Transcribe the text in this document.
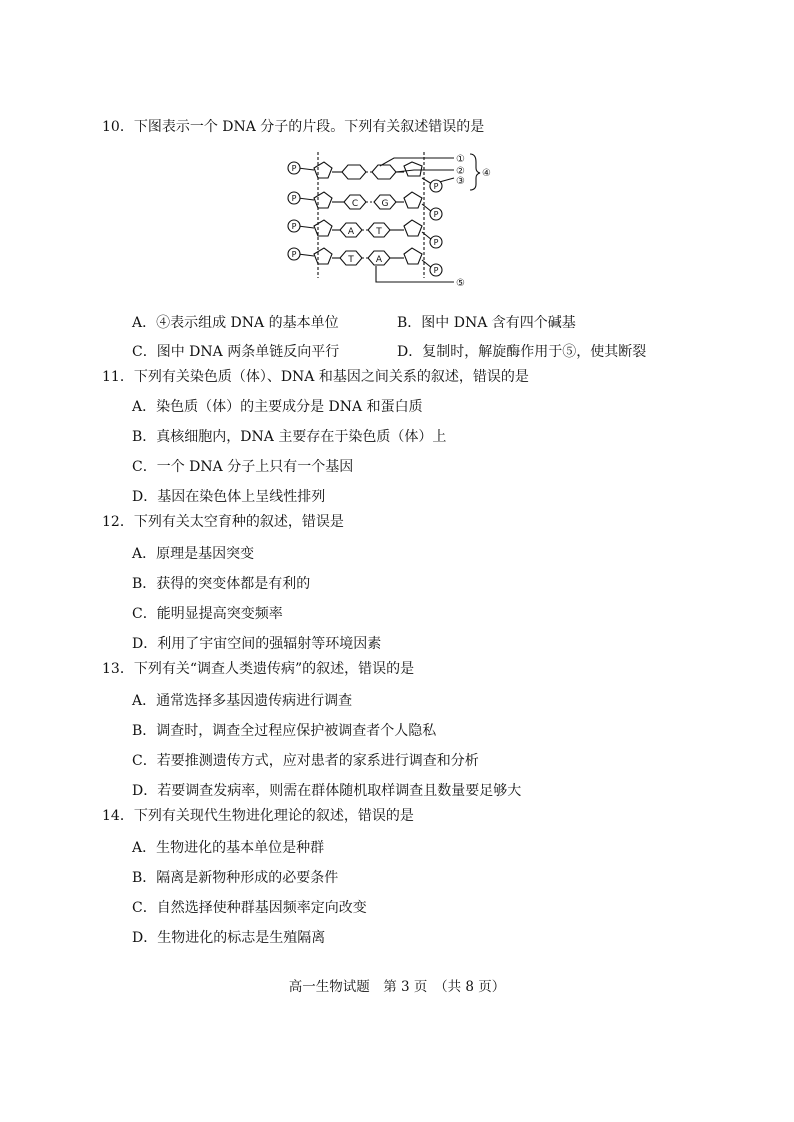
10．下图表示一个 DNA 分子的片段。下列有关叙述错误的是
P
P
P
P
P
P
P
P
C	G
A T
T A
①
②
③
④
⑤
A．④表示组成 DNA 的基本单位	B．图中 DNA 含有四个碱基
C．图中 DNA 两条单链反向平行	D．复制时，解旋酶作用于⑤，使其断裂
11．下列有关染色质（体）、DNA 和基因之间关系的叙述，错误的是
A．染色质（体）的主要成分是 DNA 和蛋白质
B．真核细胞内，DNA 主要存在于染色质（体）上
C．一个 DNA 分子上只有一个基因
D．基因在染色体上呈线性排列
12．下列有关太空育种的叙述，错误是
A．原理是基因突变
B．获得的突变体都是有利的
C．能明显提高突变频率
D．利用了宇宙空间的强辐射等环境因素
13．下列有关“调查人类遗传病”的叙述，错误的是
A．通常选择多基因遗传病进行调查
B．调查时，调查全过程应保护被调查者个人隐私
C．若要推测遗传方式，应对患者的家系进行调查和分析
D．若要调查发病率，则需在群体随机取样调查且数量要足够大
14．下列有关现代生物进化理论的叙述，错误的是
A．生物进化的基本单位是种群
B．隔离是新物种形成的必要条件
C．自然选择使种群基因频率定向改变
D．生物进化的标志是生殖隔离
高一生物试题　第 3 页　（共 8 页）
